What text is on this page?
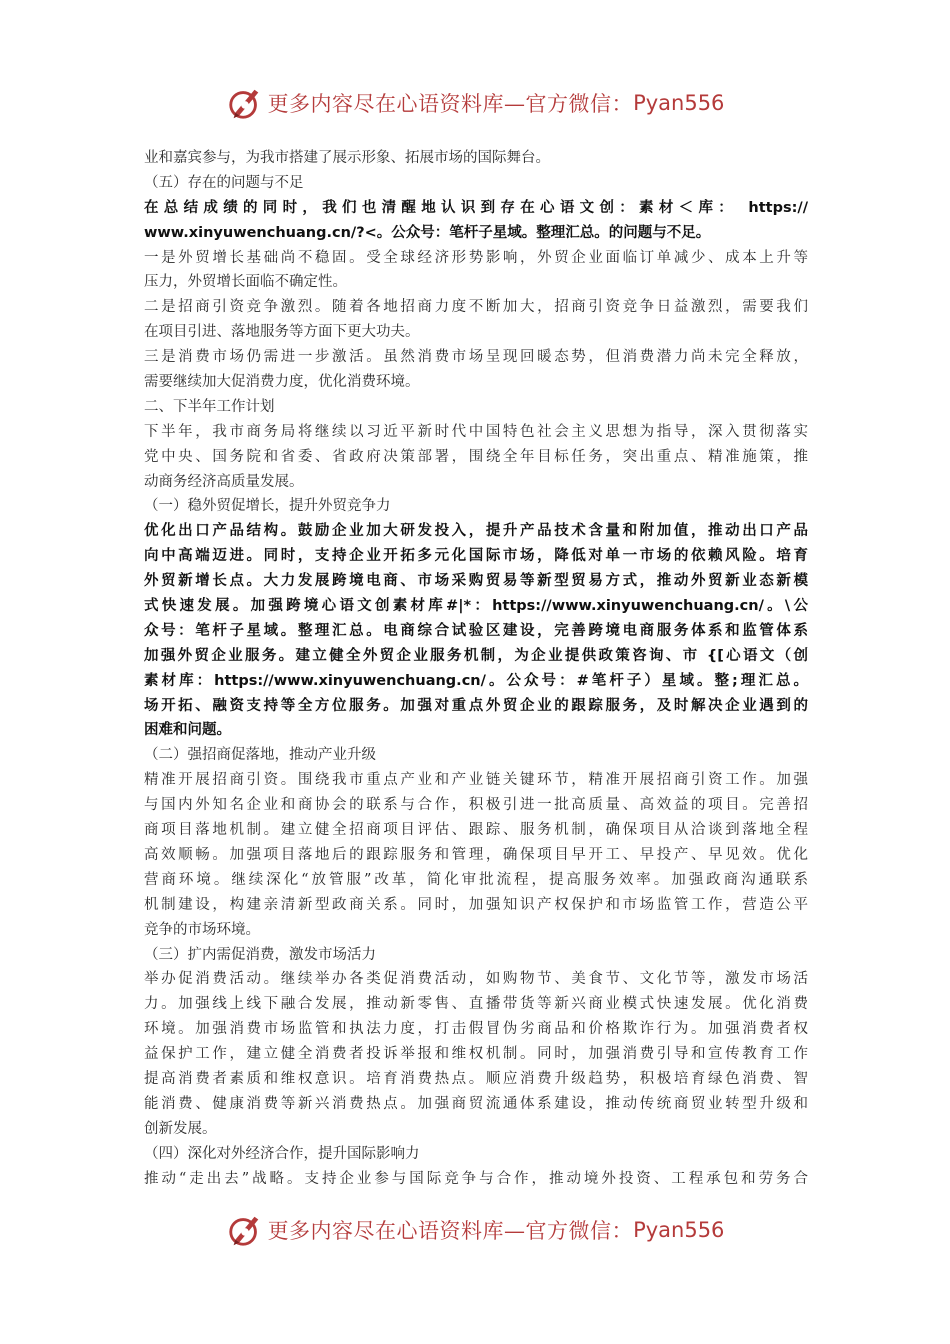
更多内容尽在心语资料库—官方微信： Pyan556
业和嘉宾参与，为我市搭建了展示形象、拓展市场的国际舞台。
（五）存在的问题与不足
在总结成绩的同时，我们也清醒地认识到存在心语文创：素材＜库： https://
www.xinyuwenchuang.cn/?<。公众号：笔杆子星域。整理汇总。的问题与不足。
一是外贸增长基础尚不稳固。受全球经济形势影响，外贸企业面临订单减少、成本上升等
压力，外贸增长面临不确定性。
二是招商引资竞争激烈。随着各地招商力度不断加大，招商引资竞争日益激烈，需要我们
在项目引进、落地服务等方面下更大功夫。
三是消费市场仍需进一步激活。虽然消费市场呈现回暖态势，但消费潜力尚未完全释放，
需要继续加大促消费力度，优化消费环境。
二、下半年工作计划
下半年，我市商务局将继续以习近平新时代中国特色社会主义思想为指导，深入贯彻落实
党中央、国务院和省委、省政府决策部署，围绕全年目标任务，突出重点、精准施策，推
动商务经济高质量发展。
（一）稳外贸促增长，提升外贸竞争力
优化出口产品结构。鼓励企业加大研发投入，提升产品技术含量和附加值，推动出口产品
向中高端迈进。同时，支持企业开拓多元化国际市场，降低对单一市场的依赖风险。培育
外贸新增长点。大力发展跨境电商、市场采购贸易等新型贸易方式，推动外贸新业态新模
式快速发展。加强跨境心语文创素材库#|*：https://www.xinyuwenchuang.cn/。\公
众号：笔杆子星域。整理汇总。电商综合试验区建设，完善跨境电商服务体系和监管体系
加强外贸企业服务。建立健全外贸企业服务机制，为企业提供政策咨询、市 {[心语文（创
素材库：https://www.xinyuwenchuang.cn/。公众号：#笔杆子）星域。整;理汇总。
场开拓、融资支持等全方位服务。加强对重点外贸企业的跟踪服务，及时解决企业遇到的
困难和问题。
（二）强招商促落地，推动产业升级
精准开展招商引资。围绕我市重点产业和产业链关键环节，精准开展招商引资工作。加强
与国内外知名企业和商协会的联系与合作，积极引进一批高质量、高效益的项目。完善招
商项目落地机制。建立健全招商项目评估、跟踪、服务机制，确保项目从洽谈到落地全程
高效顺畅。加强项目落地后的跟踪服务和管理，确保项目早开工、早投产、早见效。优化
营商环境。继续深化“放管服”改革，简化审批流程，提高服务效率。加强政商沟通联系
机制建设，构建亲清新型政商关系。同时，加强知识产权保护和市场监管工作，营造公平
竞争的市场环境。
（三）扩内需促消费，激发市场活力
举办促消费活动。继续举办各类促消费活动，如购物节、美食节、文化节等，激发市场活
力。加强线上线下融合发展，推动新零售、直播带货等新兴商业模式快速发展。优化消费
环境。加强消费市场监管和执法力度，打击假冒伪劣商品和价格欺诈行为。加强消费者权
益保护工作，建立健全消费者投诉举报和维权机制。同时，加强消费引导和宣传教育工作
提高消费者素质和维权意识。培育消费热点。顺应消费升级趋势，积极培育绿色消费、智
能消费、健康消费等新兴消费热点。加强商贸流通体系建设，推动传统商贸业转型升级和
创新发展。
（四）深化对外经济合作，提升国际影响力
推动“走出去”战略。支持企业参与国际竞争与合作，推动境外投资、工程承包和劳务合
更多内容尽在心语资料库—官方微信： Pyan556
